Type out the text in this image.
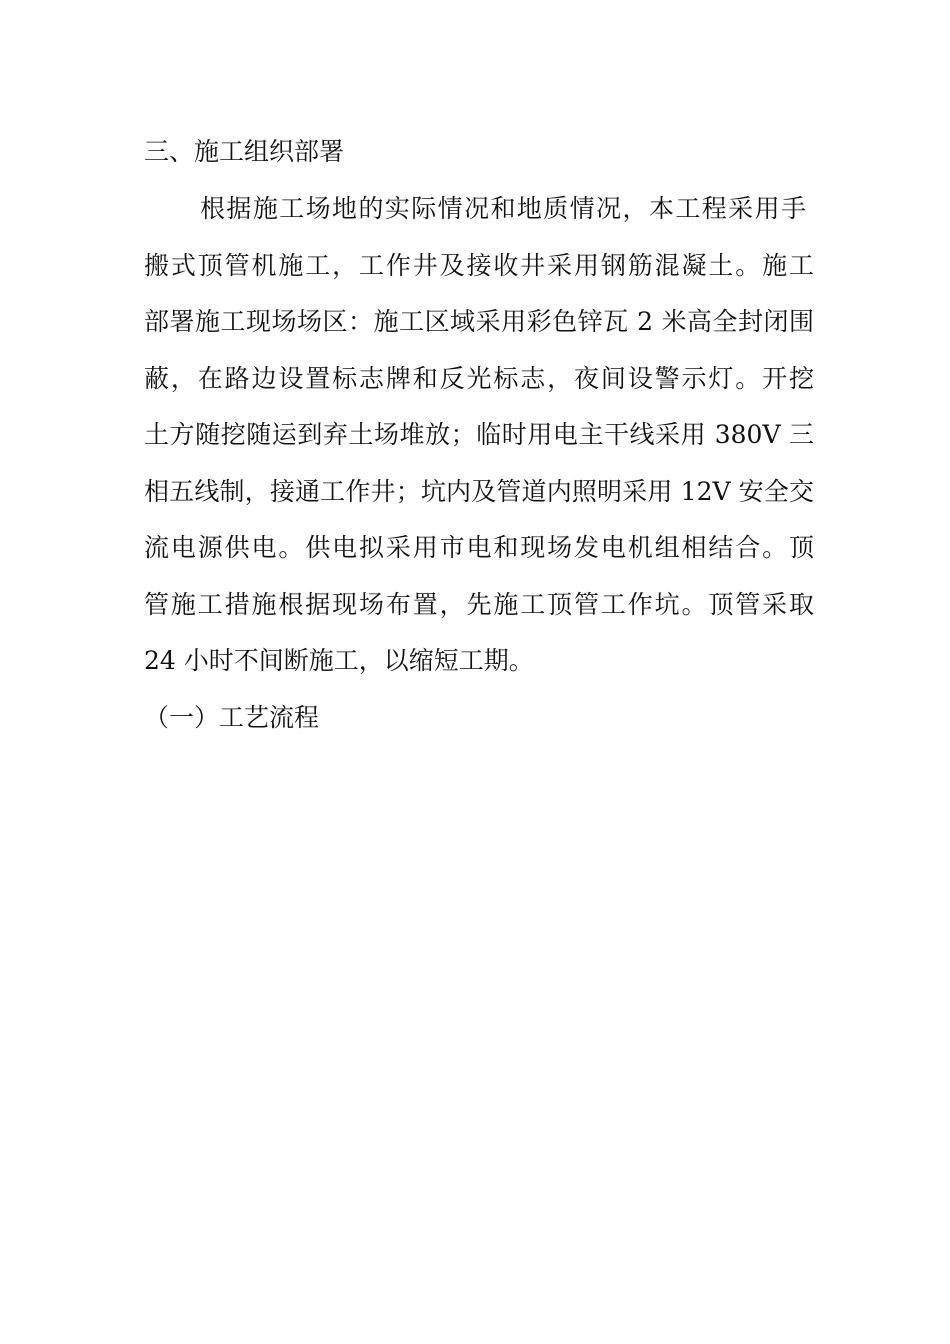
三、施工组织部署
根据施工场地的实际情况和地质情况，本工程采用手
搬式顶管机施工，工作井及接收井采用钢筋混凝土。施工
部署施工现场场区：施工区域采用彩色锌瓦 2 米高全封闭围
蔽，在路边设置标志牌和反光标志，夜间设警示灯。开挖
土方随挖随运到弃土场堆放；临时用电主干线采用 380V 三
相五线制，接通工作井；坑内及管道内照明采用 12V 安全交
流电源供电。供电拟采用市电和现场发电机组相结合。顶
管施工措施根据现场布置，先施工顶管工作坑。顶管采取
24 小时不间断施工，以缩短工期。
（一）工艺流程
